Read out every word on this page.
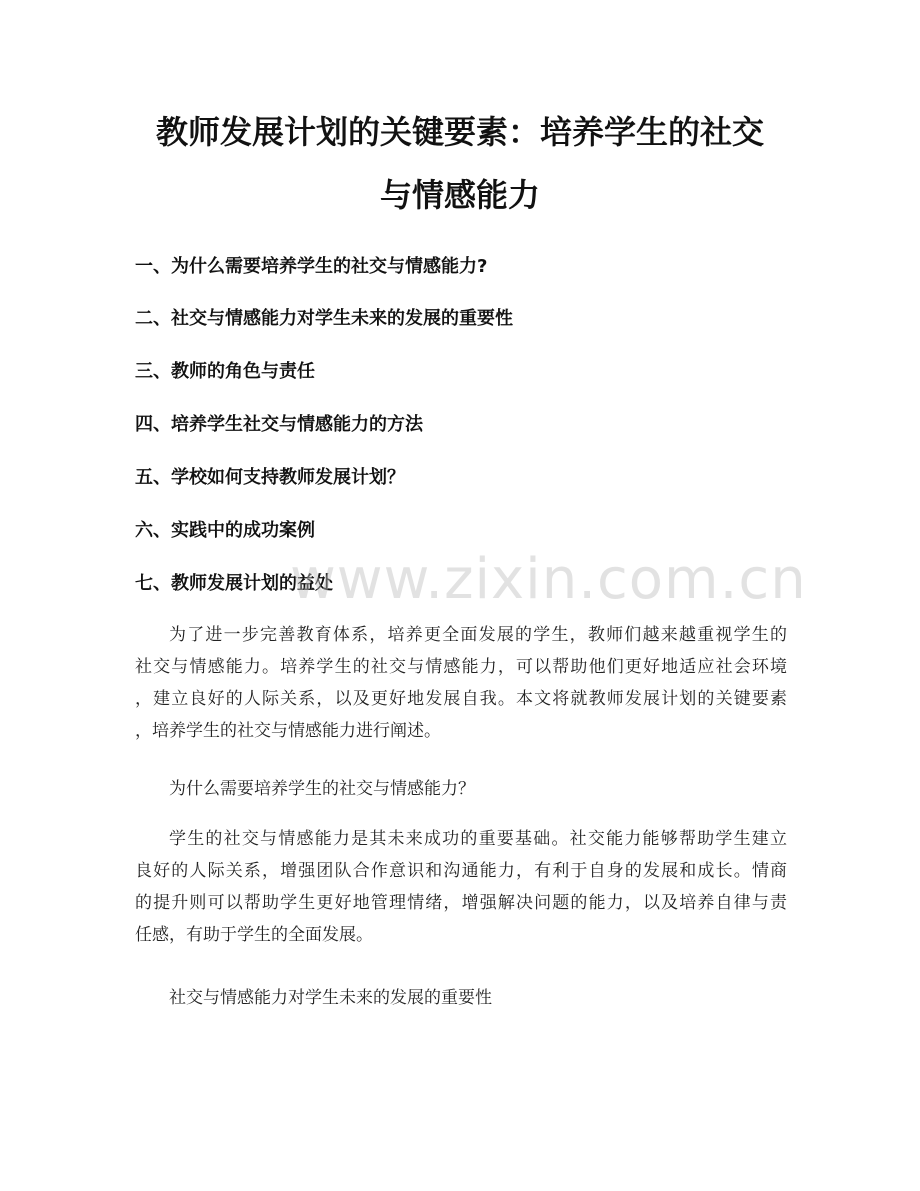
教师发展计划的关键要素：培养学生的社交
与情感能力
一、为什么需要培养学生的社交与情感能力?
二、社交与情感能力对学生未来的发展的重要性
三、教师的角色与责任
四、培养学生社交与情感能力的方法
五、学校如何支持教师发展计划？
六、实践中的成功案例
七、教师发展计划的益处
www.zixin.com.cn
为了进一步完善教育体系，培养更全面发展的学生，教师们越来越重视学生的
社交与情感能力。培养学生的社交与情感能力，可以帮助他们更好地适应社会环境
，建立良好的人际关系，以及更好地发展自我。本文将就教师发展计划的关键要素
，培养学生的社交与情感能力进行阐述。
为什么需要培养学生的社交与情感能力？
学生的社交与情感能力是其未来成功的重要基础。社交能力能够帮助学生建立
良好的人际关系，增强团队合作意识和沟通能力，有利于自身的发展和成长。情商
的提升则可以帮助学生更好地管理情绪，增强解决问题的能力，以及培养自律与责
任感，有助于学生的全面发展。
社交与情感能力对学生未来的发展的重要性
